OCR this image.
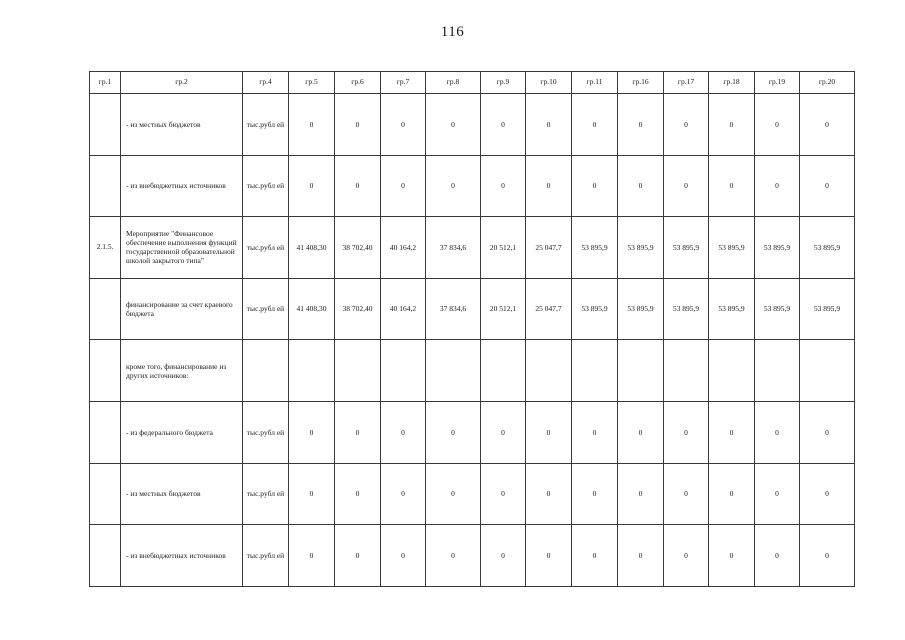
116
гр.1	гр.2	гр.4	гр.5	гр.6	гр.7	гр.8	гр.9	гр.10	гр.11	гр.16	гр.17	гр.18	гр.19	гр.20
	- из местных бюджетов	тыс.рубл ей	0	0	0	0	0	0	0	0	0	0	0	0
	- из внебюджетных источников	тыс.рубл ей	0	0	0	0	0	0	0	0	0	0	0	0
2.1.5.	Мероприятие "Финансовое обеспечение выполнения функций государственной образовательной школой закрытого типа"	тыс.рубл ей	41 408,30	38 702,40	40 164,2	37 834,6	20 512,1	25 047,7	53 895,9	53 895,9	53 895,9	53 895,9	53 895,9	53 895,9
	финансирование за счет краевого бюджета	тыс.рубл ей	41 408,30	38 702,40	40 164,2	37 834,6	20 512,1	25 047,7	53 895,9	53 895,9	53 895,9	53 895,9	53 895,9	53 895,9
	кроме того, финансирование из других источников:													
	- из федерального бюджета	тыс.рубл ей	0	0	0	0	0	0	0	0	0	0	0	0
	- из местных бюджетов	тыс.рубл ей	0	0	0	0	0	0	0	0	0	0	0	0
	- из внебюджетных источников	тыс.рубл ей	0	0	0	0	0	0	0	0	0	0	0	0
